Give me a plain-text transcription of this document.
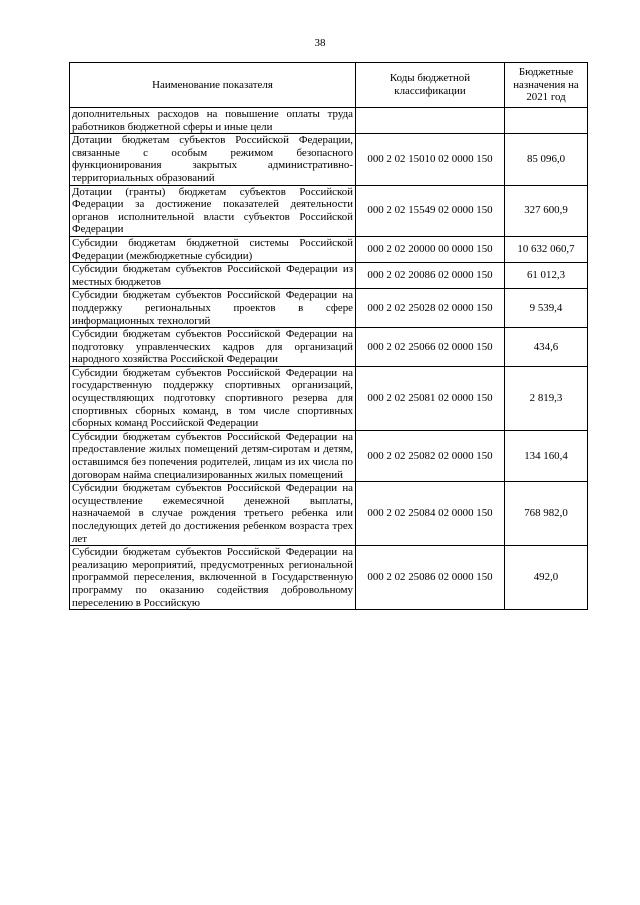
38
Наименование показателя	Коды бюджетной классификации	Бюджетные назначения на 2021 год
дополнительных расходов на повышение оплаты труда работников бюджетной сферы и иные цели		
Дотации бюджетам субъектов Российской Федерации, связанные с особым режимом безопасного функционирования закрытых административно-территориальных образований	000 2 02 15010 02 0000 150	85 096,0
Дотации (гранты) бюджетам субъектов Российской Федерации за достижение показателей деятельности органов исполнительной власти субъектов Российской Федерации	000 2 02 15549 02 0000 150	327 600,9
Субсидии бюджетам бюджетной системы Российской Федерации (межбюджетные субсидии)	000 2 02 20000 00 0000 150	10 632 060,7
Субсидии бюджетам субъектов Российской Федерации из местных бюджетов	000 2 02 20086 02 0000 150	61 012,3
Субсидии бюджетам субъектов Российской Федерации на поддержку региональных проектов в сфере информационных технологий	000 2 02 25028 02 0000 150	9 539,4
Субсидии бюджетам субъектов Российской Федерации на подготовку управленческих кадров для организаций народного хозяйства Российской Федерации	000 2 02 25066 02 0000 150	434,6
Субсидии бюджетам субъектов Российской Федерации на государственную поддержку спортивных организаций, осуществляющих подготовку спортивного резерва для спортивных сборных команд, в том числе спортивных сборных команд Российской Федерации	000 2 02 25081 02 0000 150	2 819,3
Субсидии бюджетам субъектов Российской Федерации на предоставление жилых помещений детям-сиротам и детям, оставшимся без попечения родителей, лицам из их числа по договорам найма специализированных жилых помещений	000 2 02 25082 02 0000 150	134 160,4
Субсидии бюджетам субъектов Российской Федерации на осуществление ежемесячной денежной выплаты, назначаемой в случае рождения третьего ребенка или последующих детей до достижения ребенком возраста трех лет	000 2 02 25084 02 0000 150	768 982,0
Субсидии бюджетам субъектов Российской Федерации на реализацию мероприятий, предусмотренных региональной программой переселения, включенной в Государственную программу по оказанию содействия добровольному переселению в Российскую	000 2 02 25086 02 0000 150	492,0
